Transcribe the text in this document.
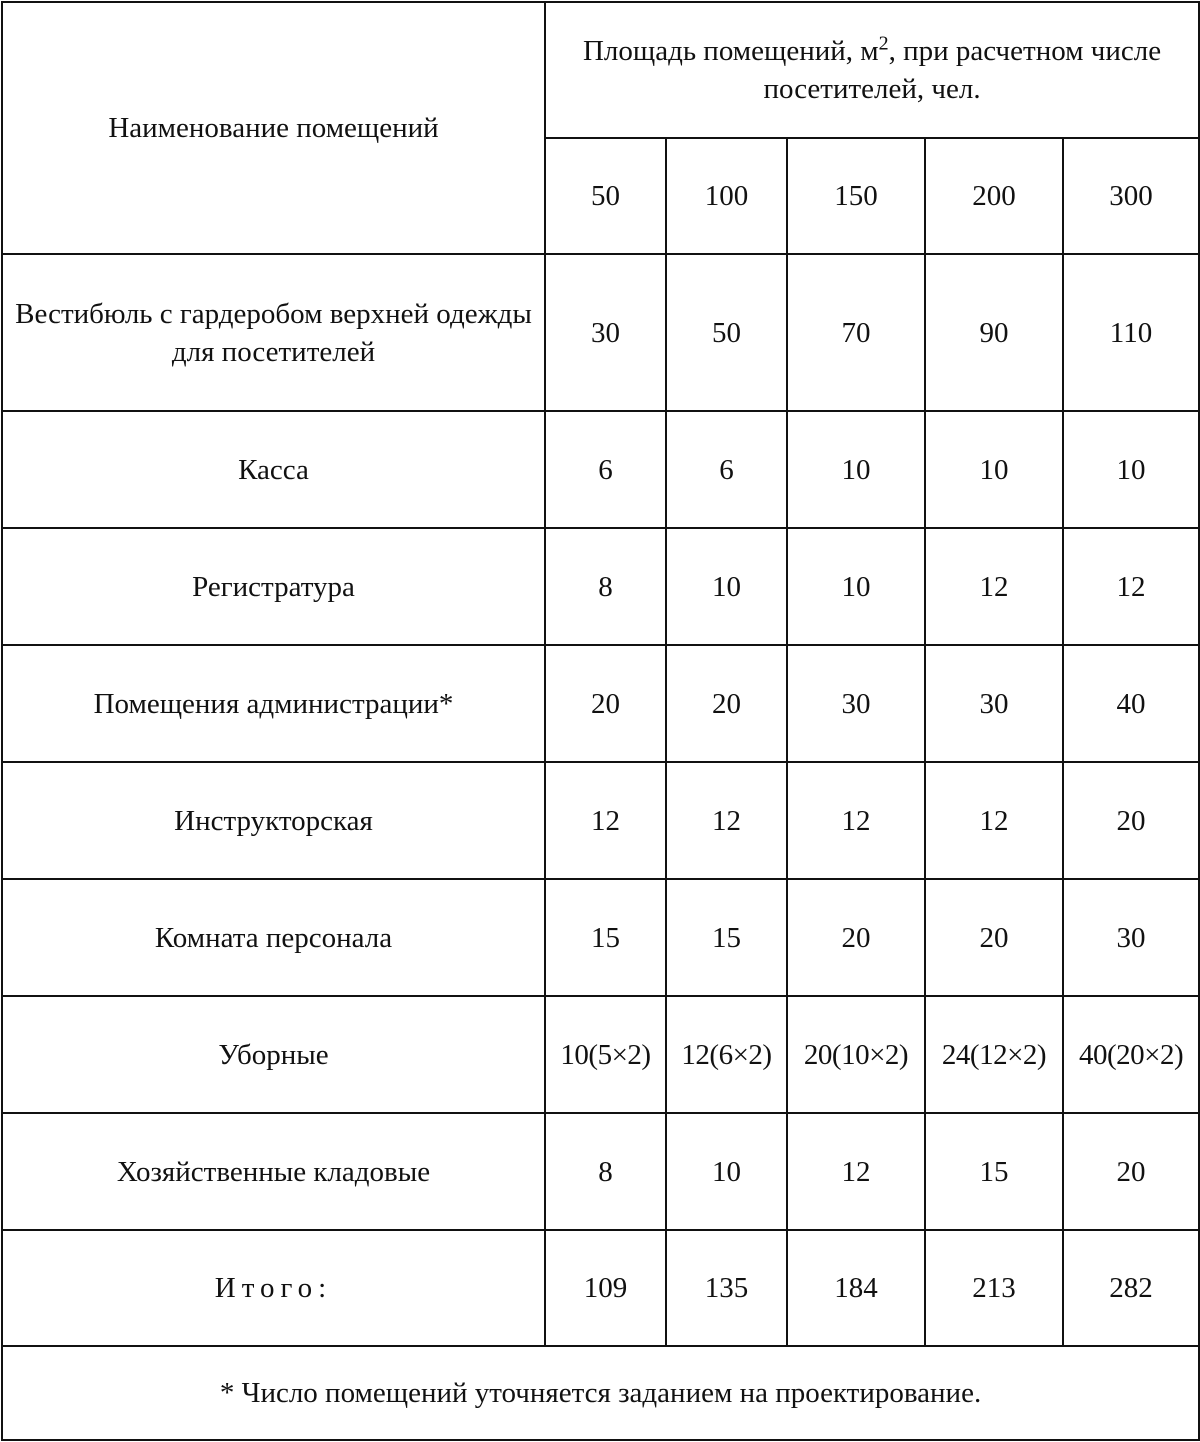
Наименование помещений	Площадь помещений, $м^2$, при расчетном числе посетителей, чел.				
	50	100	150	200	300
Вестибюль с гардеробом верхней одежды для посетителей	30	50	70	90	110
Касса	6	6	10	10	10
Регистратура	8	10	10	12	12
Помещения администрации*	20	20	30	30	40
Инструкторская	12	12	12	12	20
Комната персонала	15	15	20	20	30
Уборные	10(5×2)	12(6×2)	20(10×2)	24(12×2)	40(20×2)
Хозяйственные кладовые	8	10	12	15	20
Итого:	109	135	184	213	282
* Число помещений уточняется заданием на проектирование.					
